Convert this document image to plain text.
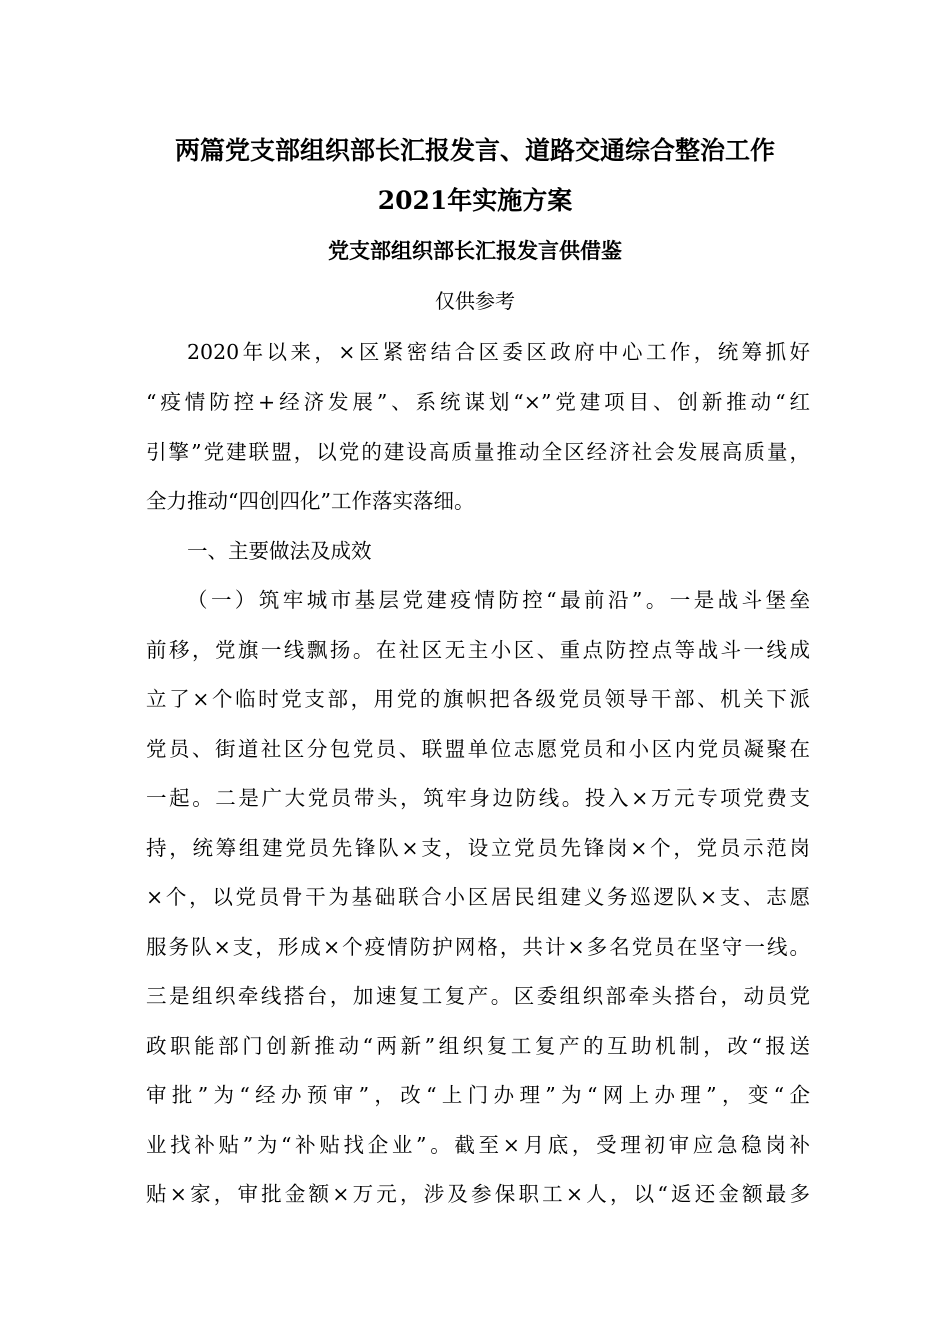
两篇党支部组织部长汇报发言、道路交通综合整治工作
2021年实施方案
党支部组织部长汇报发言供借鉴

仅供参考

2020年以来，×区紧密结合区委区政府中心工作，统筹抓好

“疫情防控+经济发展”、系统谋划“×”党建项目、创新推动“红

引擎”党建联盟，以党的建设高质量推动全区经济社会发展高质量，

全力推动“四创四化”工作落实落细。

一、主要做法及成效

（一）筑牢城市基层党建疫情防控“最前沿”。一是战斗堡垒

前移，党旗一线飘扬。在社区无主小区、重点防控点等战斗一线成

立了×个临时党支部，用党的旗帜把各级党员领导干部、机关下派

党员、街道社区分包党员、联盟单位志愿党员和小区内党员凝聚在

一起。二是广大党员带头，筑牢身边防线。投入×万元专项党费支

持，统筹组建党员先锋队×支，设立党员先锋岗×个，党员示范岗

×个，以党员骨干为基础联合小区居民组建义务巡逻队×支、志愿

服务队×支，形成×个疫情防护网格，共计×多名党员在坚守一线。

三是组织牵线搭台，加速复工复产。区委组织部牵头搭台，动员党

政职能部门创新推动“两新”组织复工复产的互助机制，改“报送

审批”为“经办预审”，改“上门办理”为“网上办理”，变“企

业找补贴”为“补贴找企业”。截至×月底，受理初审应急稳岗补

贴×家，审批金额×万元，涉及参保职工×人，以“返还金额最多
